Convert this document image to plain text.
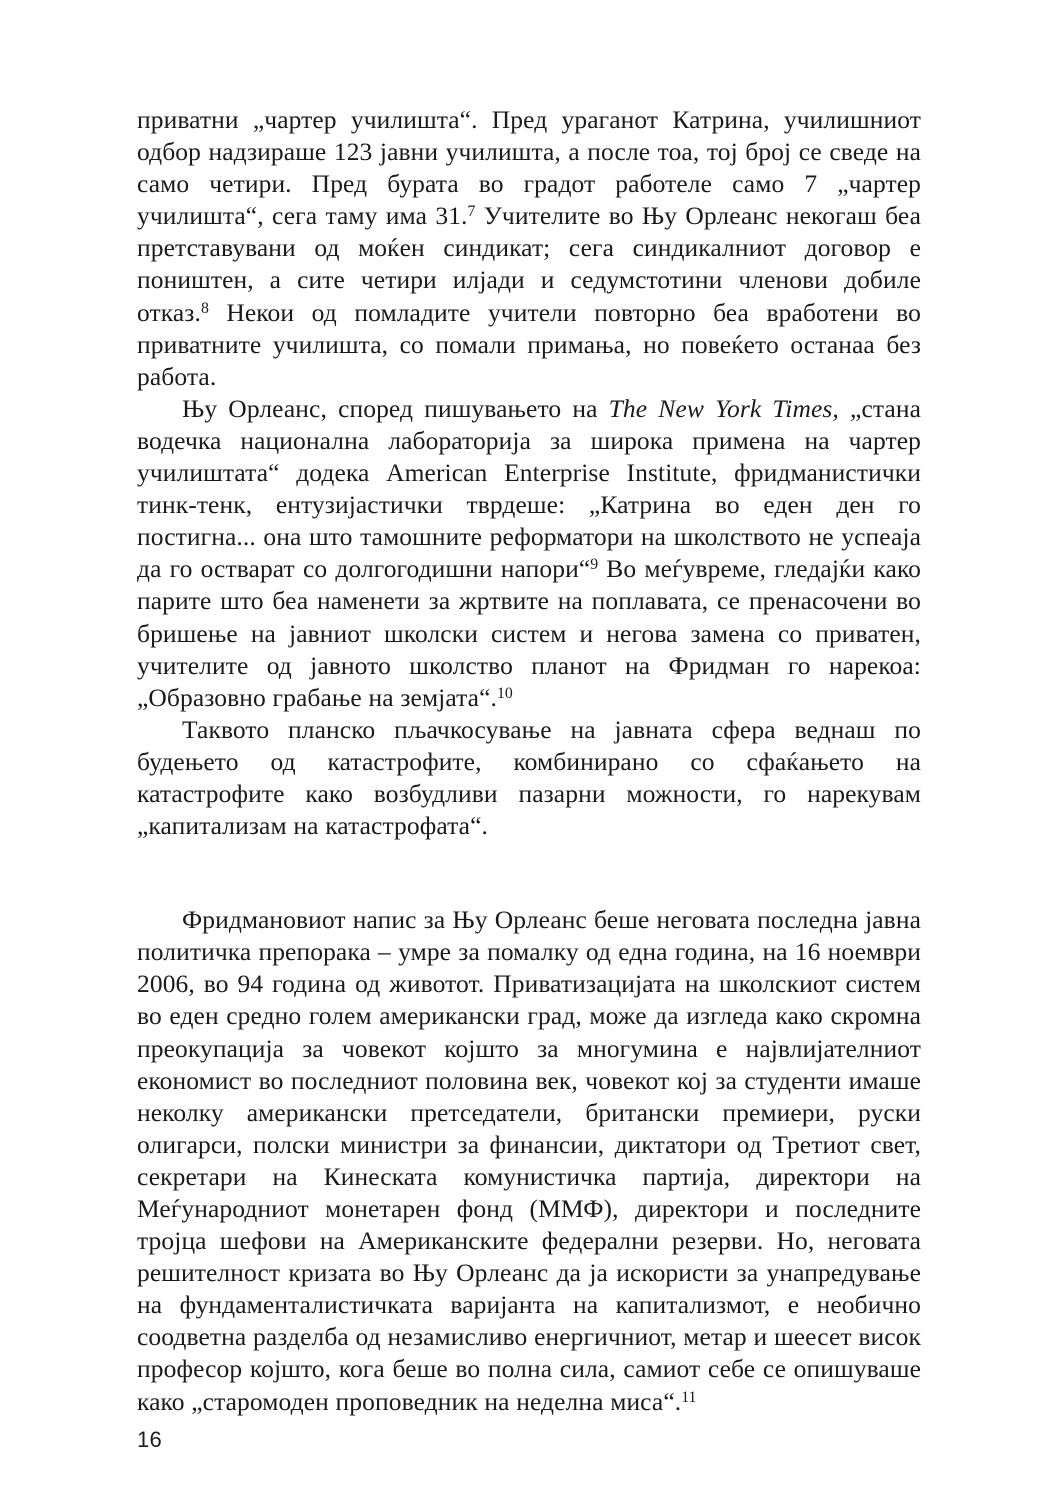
приватни „чартер училишта“. Пред ураганот Катрина, училишниот одбор надзираше 123 јавни училишта, а после тоа, тој број се сведе на само четири. Пред бурата во градот работеле само 7 „чартер училишта“, сега таму има 31.$^7$ Учителите во Њу Орлеанс некогаш беа претставувани од моќен синдикат; сега синдикалниот договор е поништен, а сите четири илјади и седумстотини членови добиле отказ.$^8$ Некои од помладите учители повторно беа вработени во приватните училишта, со помали примања, но повеќето останаа без работа.

Њу Орлеанс, според пишувањето на The New York Times, „стана водечка национална лабораторија за широка примена на чартер училиштата“ додека American Enterprise Institute, фридманистички тинк-тенк, ентузијастички тврдеше: „Катрина во еден ден го постигна... она што тамошните реформатори на школството не успеаја да го остварат со долгогодишни напори“$^9$ Во меѓувреме, гледајќи како парите што беа наменети за жртвите на поплавата, се пренасочени во бришење на јавниот школски систем и негова замена со приватен, учителите од јавното школство планот на Фридман го нарекоа: „Образовно грабање на земјата“.$^{10}$

Таквото планско пљачкосување на јавната сфера веднаш по будењето од катастрофите, комбинирано со сфаќањето на катастрофите како возбудливи пазарни можности, го нарекувам „капитализам на катастрофата“.

Фридмановиот напис за Њу Орлеанс беше неговата последна јавна политичка препорака – умре за помалку од една година, на 16 ноември 2006, во 94 година од животот. Приватизацијата на школскиот систем во еден средно голем американски град, може да изгледа како скромна преокупација за човекот којшто за многумина е највлијателниот економист во последниот половина век, човекот кој за студенти имаше неколку американски претседатели, британски премиери, руски олигарси, полски министри за финансии, диктатори од Третиот свет, секретари на Кинеската комунистичка партија, директори на Меѓународниот монетарен фонд (ММФ), директори и последните тројца шефови на Американските федерални резерви. Но, неговата решителност кризата во Њу Орлеанс да ја искористи за унапредување на фундаменталистичката варијанта на капитализмот, е необично соодветна разделба од незамисливо енергичниот, метар и шеесет висок професор којшто, кога беше во полна сила, самиот себе се опишуваше како „старомоден проповедник на неделна миса“.$^{11}$

16
